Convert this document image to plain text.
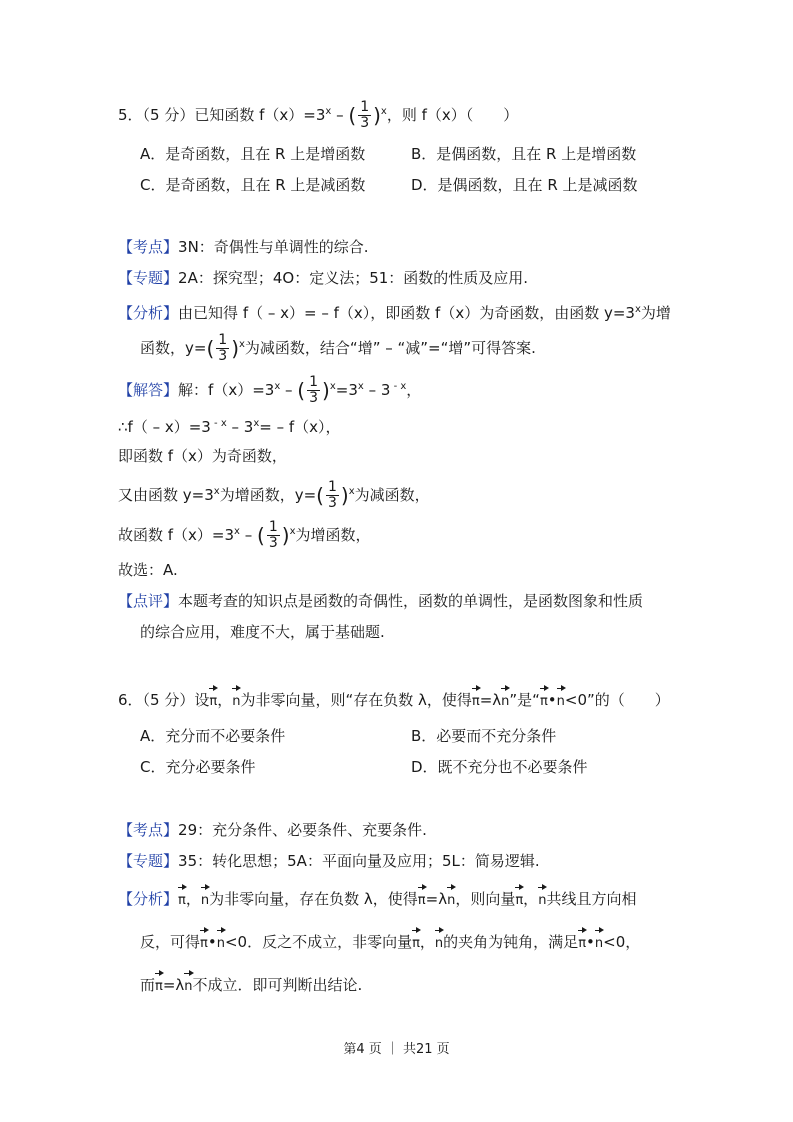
5．（5 分）已知函数 $f(x)=3^x$ – ( $\frac{1}{3} )^x$，则 f（x）（　　）
A．是奇函数，且在 R 上是增函数	B．是偶函数，且在 R 上是增函数
C．是奇函数，且在 R 上是减函数	D．是偶函数，且在 R 上是减函数
【考点】3N：奇偶性与单调性的综合.
【专题】2A：探究型；4O：定义法；51：函数的性质及应用.
【分析】由已知得 f（ – x）= – f（x），即函数 f（x）为奇函数，由函数 $y=3^x$为增
函数，$y=( \frac{1}{3} )^x$为减函数，结合“增” – “减”=“增”可得答案.
【解答】解：$f(x)=3^x$ – ( $\frac{1}{3} )^x=3^x - 3$ $^{- x}$，
∴f（ – x）=3 $^{- x} - 3^x= - f(x)$，
即函数 f（x）为奇函数，
又由函数 $y=3^x$为增函数，$y=( \frac{1}{3} )^x$为减函数，
故函数 $f(x)=3^x$ – ( $\frac{1}{3} )^x$为增函数，
故选：A.
【点评】本题考查的知识点是函数的奇偶性，函数的单调性，是函数图象和性质
的综合应用，难度不大，属于基础题.
6．（5 分）设π，n为非零向量，则“存在负数 λ，使得π=λn”是“π•n<0”的（　　）
A．充分而不必要条件	B．必要而不充分条件
C．充分必要条件	D．既不充分也不必要条件
【考点】29：充分条件、必要条件、充要条件.
【专题】35：转化思想；5A：平面向量及应用；5L：简易逻辑.
【分析】π，n为非零向量，存在负数 λ，使得π=λn，则向量π，n共线且方向相
反，可得π•n<0．反之不成立，非零向量π，n的夹角为钝角，满足π•n<0，
而π=λn不成立．即可判断出结论.
第4 页 ｜ 共21 页
